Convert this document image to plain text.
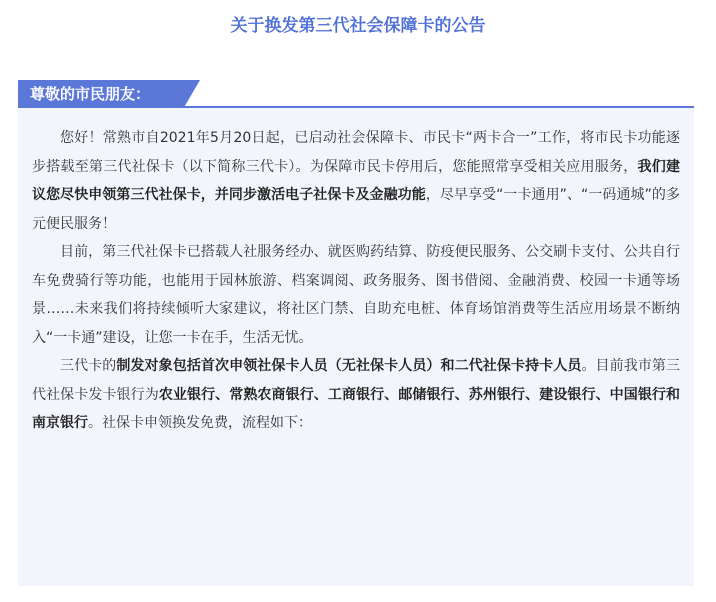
关于换发第三代社会保障卡的公告
尊敬的市民朋友：

您好！常熟市自2021年5月20日起，已启动社会保障卡、市民卡“两卡合一”工作，将市民卡功能逐步搭载至第三代社保卡（以下简称三代卡）。为保障市民卡停用后，您能照常享受相关应用服务，我们建议您尽快申领第三代社保卡，并同步激活电子社保卡及金融功能，尽早享受“一卡通用”、“一码通城”的多元便民服务！

目前，第三代社保卡已搭载人社服务经办、就医购药结算、防疫便民服务、公交刷卡支付、公共自行车免费骑行等功能，也能用于园林旅游、档案调阅、政务服务、图书借阅、金融消费、校园一卡通等场景……未来我们将持续倾听大家建议，将社区门禁、自助充电桩、体育场馆消费等生活应用场景不断纳入“一卡通”建设，让您一卡在手，生活无忧。

三代卡的制发对象包括首次申领社保卡人员（无社保卡人员）和二代社保卡持卡人员。目前我市第三代社保卡发卡银行为农业银行、常熟农商银行、工商银行、邮储银行、苏州银行、建设银行、中国银行和南京银行。社保卡申领换发免费，流程如下：
